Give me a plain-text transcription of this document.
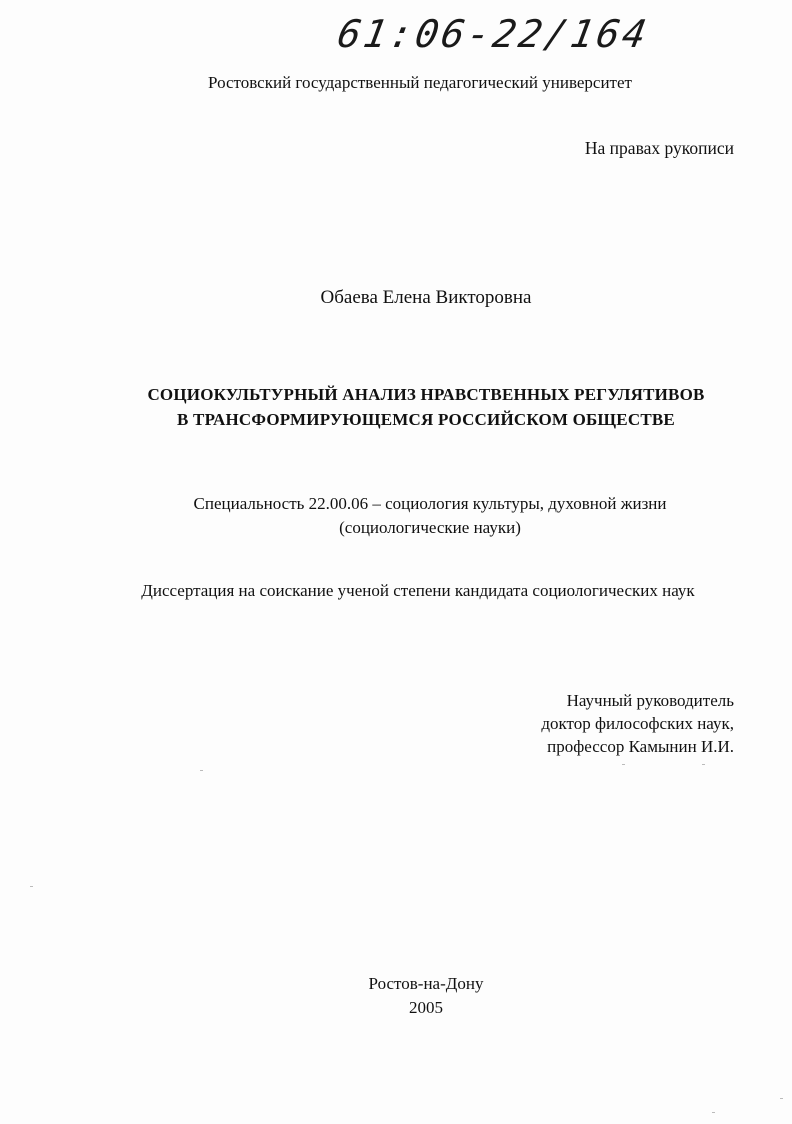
61:06-22/164
Ростовский государственный педагогический университет
На правах рукописи
Обаева Елена Викторовна
СОЦИОКУЛЬТУРНЫЙ АНАЛИЗ НРАВСТВЕННЫХ РЕГУЛЯТИВОВ
В ТРАНСФОРМИРУЮЩЕМСЯ РОССИЙСКОМ ОБЩЕСТВЕ
Специальность 22.00.06 – социология культуры, духовной жизни
(социологические науки)
Диссертация на соискание ученой степени кандидата социологических наук
Научный руководитель
доктор философских наук,
профессор Камынин И.И.
Ростов-на-Дону
2005
